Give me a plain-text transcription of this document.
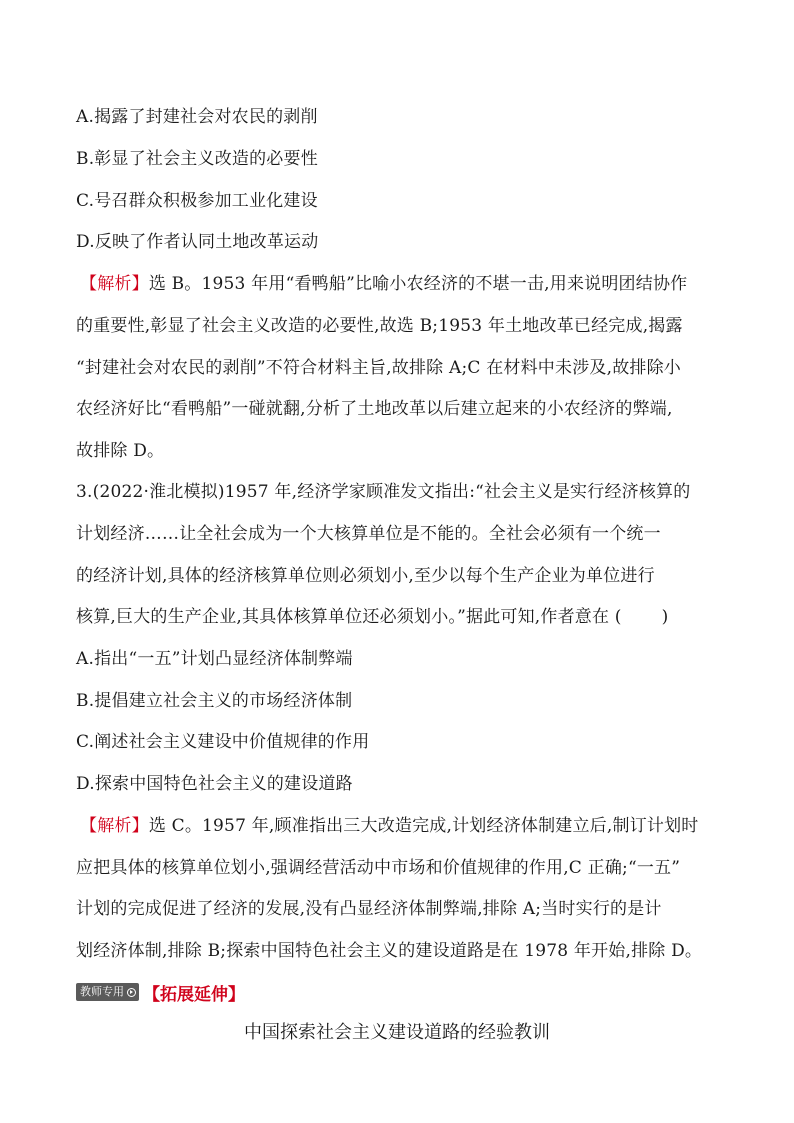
A.揭露了封建社会对农民的剥削
B.彰显了社会主义改造的必要性
C.号召群众积极参加工业化建设
D.反映了作者认同土地改革运动
【解析】选 B。1953 年用“看鸭船”比喻小农经济的不堪一击,用来说明团结协作
的重要性,彰显了社会主义改造的必要性,故选 B;1953 年土地改革已经完成,揭露
“封建社会对农民的剥削”不符合材料主旨,故排除 A;C 在材料中未涉及,故排除小
农经济好比“看鸭船”一碰就翻,分析了土地改革以后建立起来的小农经济的弊端,
故排除 D。
3.(2022·淮北模拟)1957 年,经济学家顾准发文指出:“社会主义是实行经济核算的
计划经济……让全社会成为一个大核算单位是不能的。全社会必须有一个统一
的经济计划,具体的经济核算单位则必须划小,至少以每个生产企业为单位进行
核算,巨大的生产企业,其具体核算单位还必须划小。”据此可知,作者意在 ( )
A.指出“一五”计划凸显经济体制弊端
B.提倡建立社会主义的市场经济体制
C.阐述社会主义建设中价值规律的作用
D.探索中国特色社会主义的建设道路
【解析】选 C。1957 年,顾准指出三大改造完成,计划经济体制建立后,制订计划时
应把具体的核算单位划小,强调经营活动中市场和价值规律的作用,C 正确;“一五”
计划的完成促进了经济的发展,没有凸显经济体制弊端,排除 A;当时实行的是计
划经济体制,排除 B;探索中国特色社会主义的建设道路是在 1978 年开始,排除 D。
教师专用 【拓展延伸】
中国探索社会主义建设道路的经验教训
